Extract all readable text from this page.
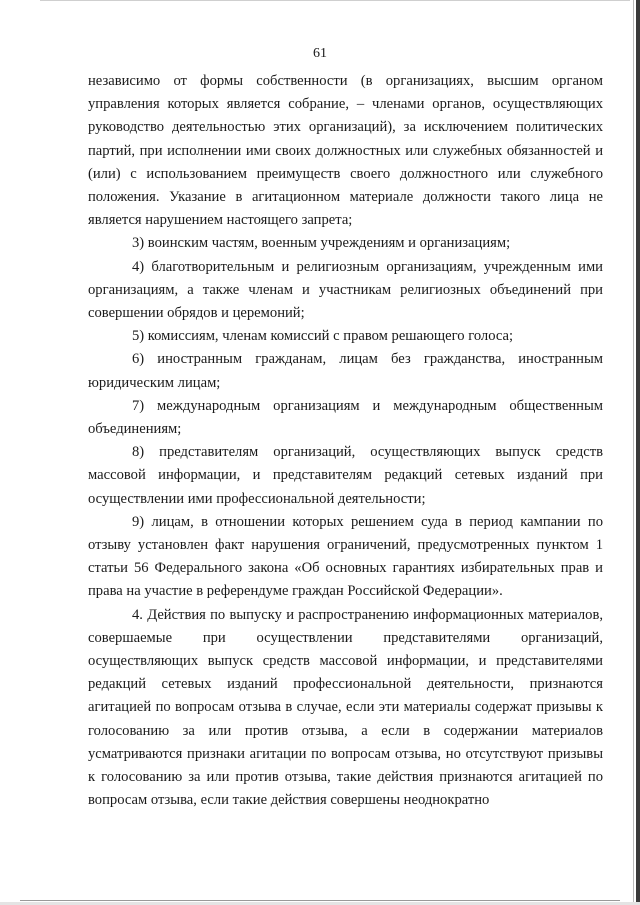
61

независимо от формы собственности (в организациях, высшим органом управления которых является собрание, – членами органов, осуществляющих руководство деятельностью этих организаций), за исключением политических партий, при исполнении ими своих должностных или служебных обязанностей и (или) с использованием преимуществ своего должностного или служебного положения. Указание в агитационном материале должности такого лица не является нарушением настоящего запрета;

3) воинским частям, военным учреждениям и организациям;

4) благотворительным и религиозным организациям, учрежденным ими организациям, а также членам и участникам религиозных объединений при совершении обрядов и церемоний;

5) комиссиям, членам комиссий с правом решающего голоса;

6) иностранным гражданам, лицам без гражданства, иностранным юридическим лицам;

7) международным организациям и международным общественным объединениям;

8) представителям организаций, осуществляющих выпуск средств массовой информации, и представителям редакций сетевых изданий при осуществлении ими профессиональной деятельности;

9) лицам, в отношении которых решением суда в период кампании по отзыву установлен факт нарушения ограничений, предусмотренных пунктом 1 статьи 56 Федерального закона «Об основных гарантиях избирательных прав и права на участие в референдуме граждан Российской Федерации».

4. Действия по выпуску и распространению информационных материалов, совершаемые при осуществлении представителями организаций, осуществляющих выпуск средств массовой информации, и представителями редакций сетевых изданий профессиональной деятельности, признаются агитацией по вопросам отзыва в случае, если эти материалы содержат призывы к голосованию за или против отзыва, а если в содержании материалов усматриваются признаки агитации по вопросам отзыва, но отсутствуют призывы к голосованию за или против отзыва, такие действия признаются агитацией по вопросам отзыва, если такие действия совершены неоднократно
